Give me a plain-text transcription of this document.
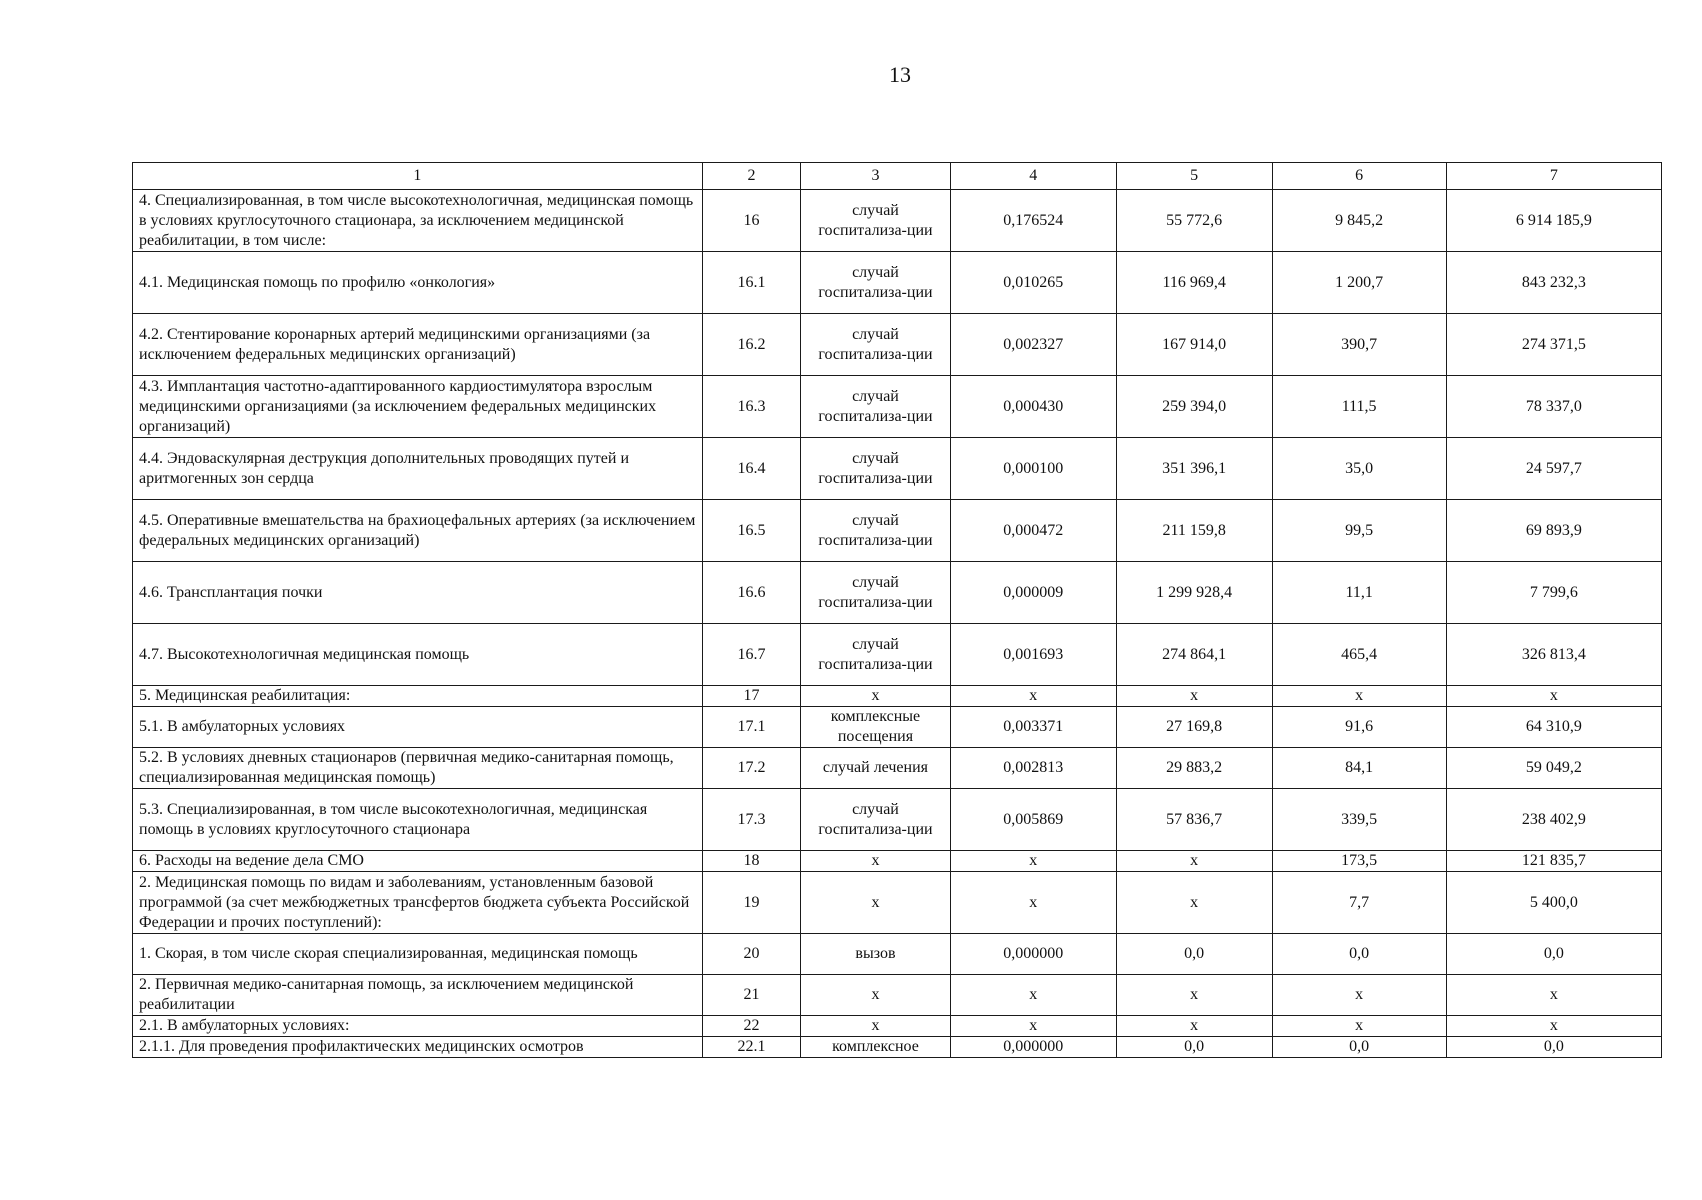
13
1	2	3	4	5	6	7
4. Специализированная, в том числе высокотехнологичная, медицинская помощь в условиях круглосуточного стационара, за исключением медицинской реабилитации, в том числе:	16	случай госпитализа-ции	0,176524	55 772,6	9 845,2	6 914 185,9
4.1. Медицинская помощь по профилю «онкология»	16.1	случай госпитализа-ции	0,010265	116 969,4	1 200,7	843 232,3
4.2. Стентирование коронарных артерий медицинскими организациями (за исключением федеральных медицинских организаций)	16.2	случай госпитализа-ции	0,002327	167 914,0	390,7	274 371,5
4.3. Имплантация частотно-адаптированного кардиостимулятора взрослым медицинскими организациями (за исключением федеральных медицинских организаций)	16.3	случай госпитализа-ции	0,000430	259 394,0	111,5	78 337,0
4.4. Эндоваскулярная деструкция дополнительных проводящих путей и аритмогенных зон сердца	16.4	случай госпитализа-ции	0,000100	351 396,1	35,0	24 597,7
4.5. Оперативные вмешательства на брахиоцефальных артериях (за исключением федеральных медицинских организаций)	16.5	случай госпитализа-ции	0,000472	211 159,8	99,5	69 893,9
4.6. Трансплантация почки	16.6	случай госпитализа-ции	0,000009	1 299 928,4	11,1	7 799,6
4.7. Высокотехнологичная медицинская помощь	16.7	случай госпитализа-ции	0,001693	274 864,1	465,4	326 813,4
5. Медицинская реабилитация:	17	х	х	х	х	х
5.1. В амбулаторных условиях	17.1	комплексные посещения	0,003371	27 169,8	91,6	64 310,9
5.2. В условиях дневных стационаров (первичная медико-санитарная помощь, специализированная медицинская помощь)	17.2	случай лечения	0,002813	29 883,2	84,1	59 049,2
5.3. Специализированная, в том числе высокотехнологичная, медицинская помощь в условиях круглосуточного стационара	17.3	случай госпитализа-ции	0,005869	57 836,7	339,5	238 402,9
6. Расходы на ведение дела СМО	18	х	х	х	173,5	121 835,7
2. Медицинская помощь по видам и заболеваниям, установленным базовой программой (за счет межбюджетных трансфертов бюджета субъекта Российской Федерации и прочих поступлений):	19	х	х	х	7,7	5 400,0
1. Скорая, в том числе скорая специализированная, медицинская помощь	20	вызов	0,000000	0,0	0,0	0,0
2. Первичная медико-санитарная помощь, за исключением медицинской реабилитации	21	х	х	х	х	х
2.1. В амбулаторных условиях:	22	х	х	х	х	х
2.1.1. Для проведения профилактических медицинских осмотров	22.1	комплексное	0,000000	0,0	0,0	0,0
